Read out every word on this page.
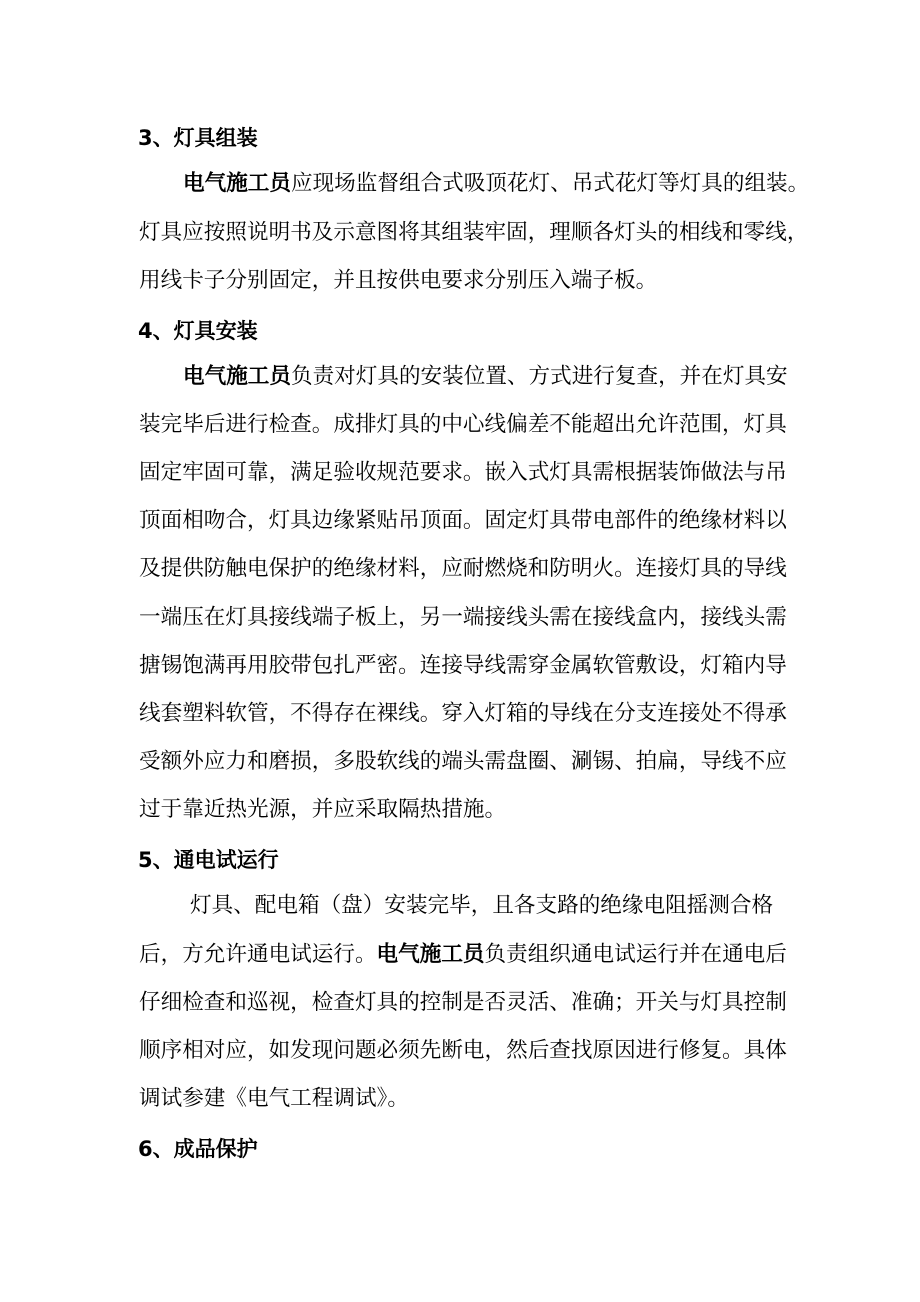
3、灯具组装
电气施工员应现场监督组合式吸顶花灯、吊式花灯等灯具的组装。
灯具应按照说明书及示意图将其组装牢固，理顺各灯头的相线和零线，
用线卡子分别固定，并且按供电要求分别压入端子板。
4、灯具安装
电气施工员负责对灯具的安装位置、方式进行复查，并在灯具安
装完毕后进行检查。成排灯具的中心线偏差不能超出允许范围，灯具
固定牢固可靠，满足验收规范要求。嵌入式灯具需根据装饰做法与吊
顶面相吻合，灯具边缘紧贴吊顶面。固定灯具带电部件的绝缘材料以
及提供防触电保护的绝缘材料，应耐燃烧和防明火。连接灯具的导线
一端压在灯具接线端子板上，另一端接线头需在接线盒内，接线头需
搪锡饱满再用胶带包扎严密。连接导线需穿金属软管敷设，灯箱内导
线套塑料软管，不得存在裸线。穿入灯箱的导线在分支连接处不得承
受额外应力和磨损，多股软线的端头需盘圈、涮锡、拍扁，导线不应
过于靠近热光源，并应采取隔热措施。
5、通电试运行
灯具、配电箱（盘）安装完毕，且各支路的绝缘电阻摇测合格
后，方允许通电试运行。电气施工员负责组织通电试运行并在通电后
仔细检查和巡视，检查灯具的控制是否灵活、准确；开关与灯具控制
顺序相对应，如发现问题必须先断电，然后查找原因进行修复。具体
调试参建《电气工程调试》。
6、成品保护
